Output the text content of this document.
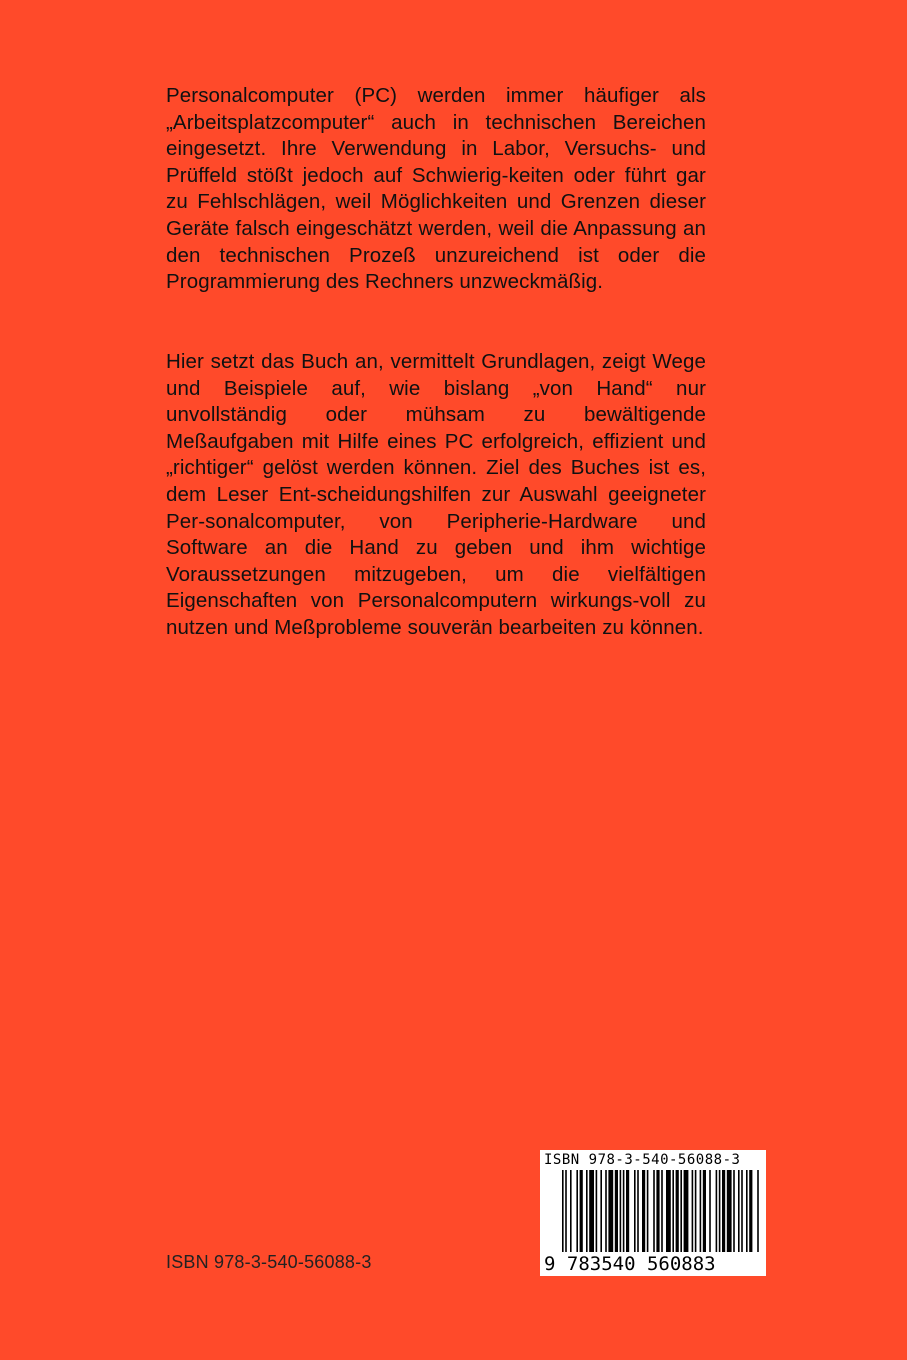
Personalcomputer (PC) werden immer häufiger als „Arbeitsplatzcomputer“ auch in technischen Bereichen eingesetzt. Ihre Verwendung in Labor, Versuchs- und Prüffeld stößt jedoch auf Schwierig-keiten oder führt gar zu Fehlschlägen, weil Möglichkeiten und Grenzen dieser Geräte falsch eingeschätzt werden, weil die Anpassung an den technischen Prozeß unzureichend ist oder die Programmierung des Rechners unzweckmäßig.

Hier setzt das Buch an, vermittelt Grundlagen, zeigt Wege und Beispiele auf, wie bislang „von Hand“ nur unvollständig oder mühsam zu bewältigende Meßaufgaben mit Hilfe eines PC erfolgreich, effizient und „richtiger“ gelöst werden können. Ziel des Buches ist es, dem Leser Ent-scheidungshilfen zur Auswahl geeigneter Per-sonalcomputer, von Peripherie-Hardware und Software an die Hand zu geben und ihm wichtige Voraussetzungen mitzugeben, um die vielfältigen Eigenschaften von Personalcomputern wirkungs-voll zu nutzen und Meßprobleme souverän bearbeiten zu können.

ISBN 978-3-540-56088-3
ISBN 978-3-540-56088-3
9 783540 560883
